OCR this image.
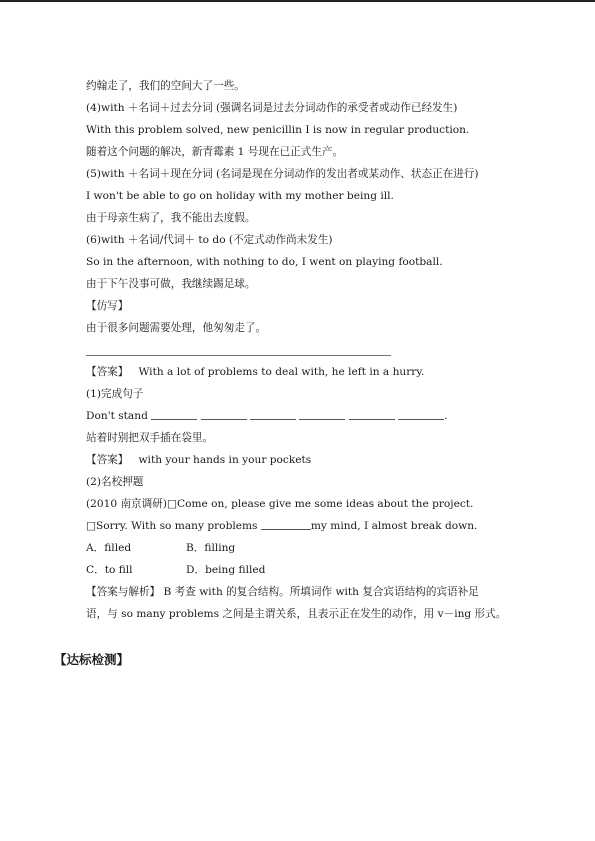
约翰走了，我们的空间大了一些。
(4)with ＋名词＋过去分词 (强调名词是过去分词动作的承受者或动作已经发生)
With this problem solved, new penicillin Ⅰ is now in regular production.
随着这个问题的解决，新青霉素 1 号现在已正式生产。
(5)with ＋名词＋现在分词 (名词是现在分词动作的发出者或某动作、状态正在进行)
I won't be able to go on holiday with my mother being ill.
由于母亲生病了，我不能出去度假。
(6)with ＋名词/代词＋ to do (不定式动作尚未发生)
So in the afternoon, with nothing to do, I went on playing football.
由于下午没事可做，我继续踢足球。
【仿写】
由于很多问题需要处理，他匆匆走了。
【答案】 With a lot of problems to deal with, he left in a hurry.
(1)完成句子
Don't stand	.
站着时别把双手插在袋里。
【答案】 with your hands in your pockets
(2)名校押题
(2010 南京调研)□Come on, please give me some ideas about the project.
□Sorry. With so many problems	my mind, I almost break down.
A．filled	B．filling
C．to fill	D．being filled
【答案与解析】 B 考查 with 的复合结构。所填词作 with 复合宾语结构的宾语补足
语，与 so many problems 之间是主谓关系，且表示正在发生的动作，用 v－ing 形式。
【达标检测】
